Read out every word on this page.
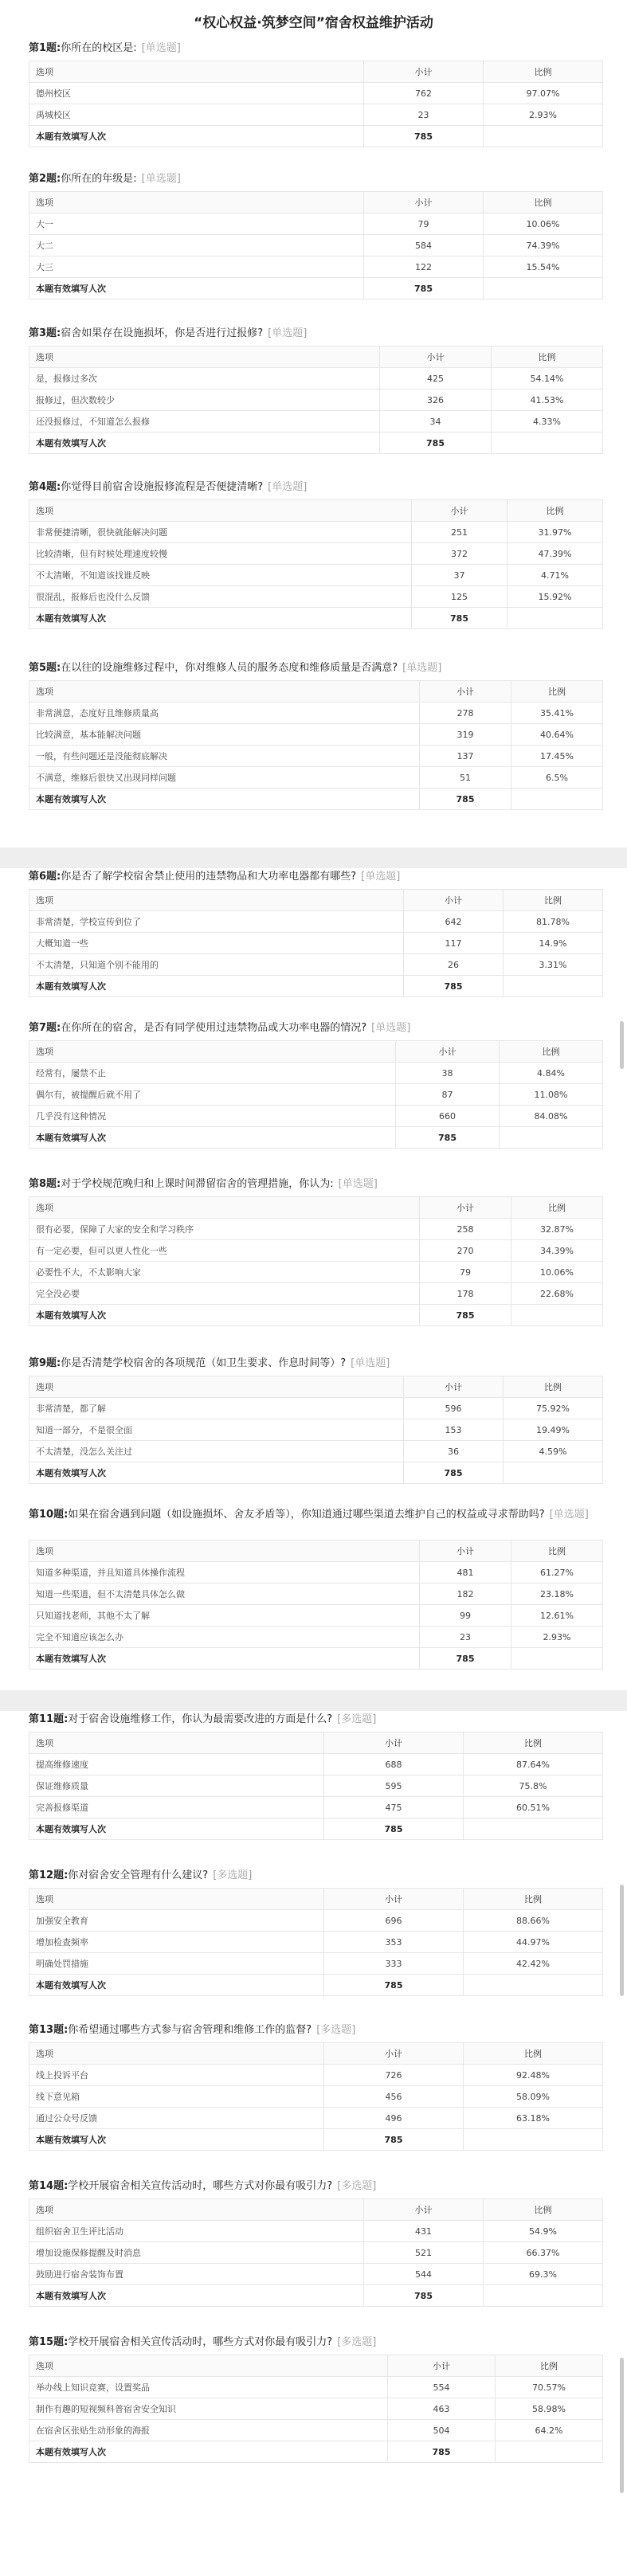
“权心权益·筑梦空间”宿舍权益维护活动
第1题:你所在的校区是: [单选题]
选项	小计	比例
德州校区	762	97.07%
禹城校区	23	2.93%
本题有效填写人次	785	
第2题:你所在的年级是: [单选题]
选项	小计	比例
大一	79	10.06%
大二	584	74.39%
大三	122	15.54%
本题有效填写人次	785	
第3题:宿舍如果存在设施损坏，你是否进行过报修? [单选题]
选项	小计	比例
是，报修过多次	425	54.14%
报修过，但次数较少	326	41.53%
还没报修过，不知道怎么报修	34	4.33%
本题有效填写人次	785	
第4题:你觉得目前宿舍设施报修流程是否便捷清晰? [单选题]
选项	小计	比例
非常便捷清晰，很快就能解决问题	251	31.97%
比较清晰，但有时候处理速度较慢	372	47.39%
不太清晰，不知道该找谁反映	37	4.71%
很混乱，报修后也没什么反馈	125	15.92%
本题有效填写人次	785	
第5题:在以往的设施维修过程中，你对维修人员的服务态度和维修质量是否满意? [单选题]
选项	小计	比例
非常满意，态度好且维修质量高	278	35.41%
比较满意，基本能解决问题	319	40.64%
一般，有些问题还是没能彻底解决	137	17.45%
不满意，维修后很快又出现同样问题	51	6.5%
本题有效填写人次	785	
第6题:你是否了解学校宿舍禁止使用的违禁物品和大功率电器都有哪些? [单选题]
选项	小计	比例
非常清楚，学校宣传到位了	642	81.78%
大概知道一些	117	14.9%
不太清楚，只知道个别不能用的	26	3.31%
本题有效填写人次	785	
第7题:在你所在的宿舍，是否有同学使用过违禁物品或大功率电器的情况? [单选题]
选项	小计	比例
经常有，屡禁不止	38	4.84%
偶尔有，被提醒后就不用了	87	11.08%
几乎没有这种情况	660	84.08%
本题有效填写人次	785	
第8题:对于学校规范晚归和上课时间滞留宿舍的管理措施，你认为: [单选题]
选项	小计	比例
很有必要，保障了大家的安全和学习秩序	258	32.87%
有一定必要，但可以更人性化一些	270	34.39%
必要性不大，不太影响大家	79	10.06%
完全没必要	178	22.68%
本题有效填写人次	785	
第9题:你是否清楚学校宿舍的各项规范（如卫生要求、作息时间等）? [单选题]
选项	小计	比例
非常清楚，都了解	596	75.92%
知道一部分，不是很全面	153	19.49%
不太清楚，没怎么关注过	36	4.59%
本题有效填写人次	785	
第10题:如果在宿舍遇到问题（如设施损坏、舍友矛盾等），你知道通过哪些渠道去维护自己的权益或寻求帮助吗? [单选题]
选项	小计	比例
知道多种渠道，并且知道具体操作流程	481	61.27%
知道一些渠道，但不太清楚具体怎么做	182	23.18%
只知道找老师，其他不太了解	99	12.61%
完全不知道应该怎么办	23	2.93%
本题有效填写人次	785	
第11题:对于宿舍设施维修工作，你认为最需要改进的方面是什么? [多选题]
选项	小计	比例
提高维修速度	688	87.64%
保证维修质量	595	75.8%
完善报修渠道	475	60.51%
本题有效填写人次	785	
第12题:你对宿舍安全管理有什么建议? [多选题]
选项	小计	比例
加强安全教育	696	88.66%
增加检查频率	353	44.97%
明确处罚措施	333	42.42%
本题有效填写人次	785	
第13题:你希望通过哪些方式参与宿舍管理和维修工作的监督? [多选题]
选项	小计	比例
线上投诉平台	726	92.48%
线下意见箱	456	58.09%
通过公众号反馈	496	63.18%
本题有效填写人次	785	
第14题:学校开展宿舍相关宣传活动时，哪些方式对你最有吸引力? [多选题]
选项	小计	比例
组织宿舍卫生评比活动	431	54.9%
增加设施保修提醒及时消息	521	66.37%
鼓励进行宿舍装饰布置	544	69.3%
本题有效填写人次	785	
第15题:学校开展宿舍相关宣传活动时，哪些方式对你最有吸引力? [多选题]
选项	小计	比例
举办线上知识竞赛，设置奖品	554	70.57%
制作有趣的短视频科普宿舍安全知识	463	58.98%
在宿舍区张贴生动形象的海报	504	64.2%
本题有效填写人次	785	
